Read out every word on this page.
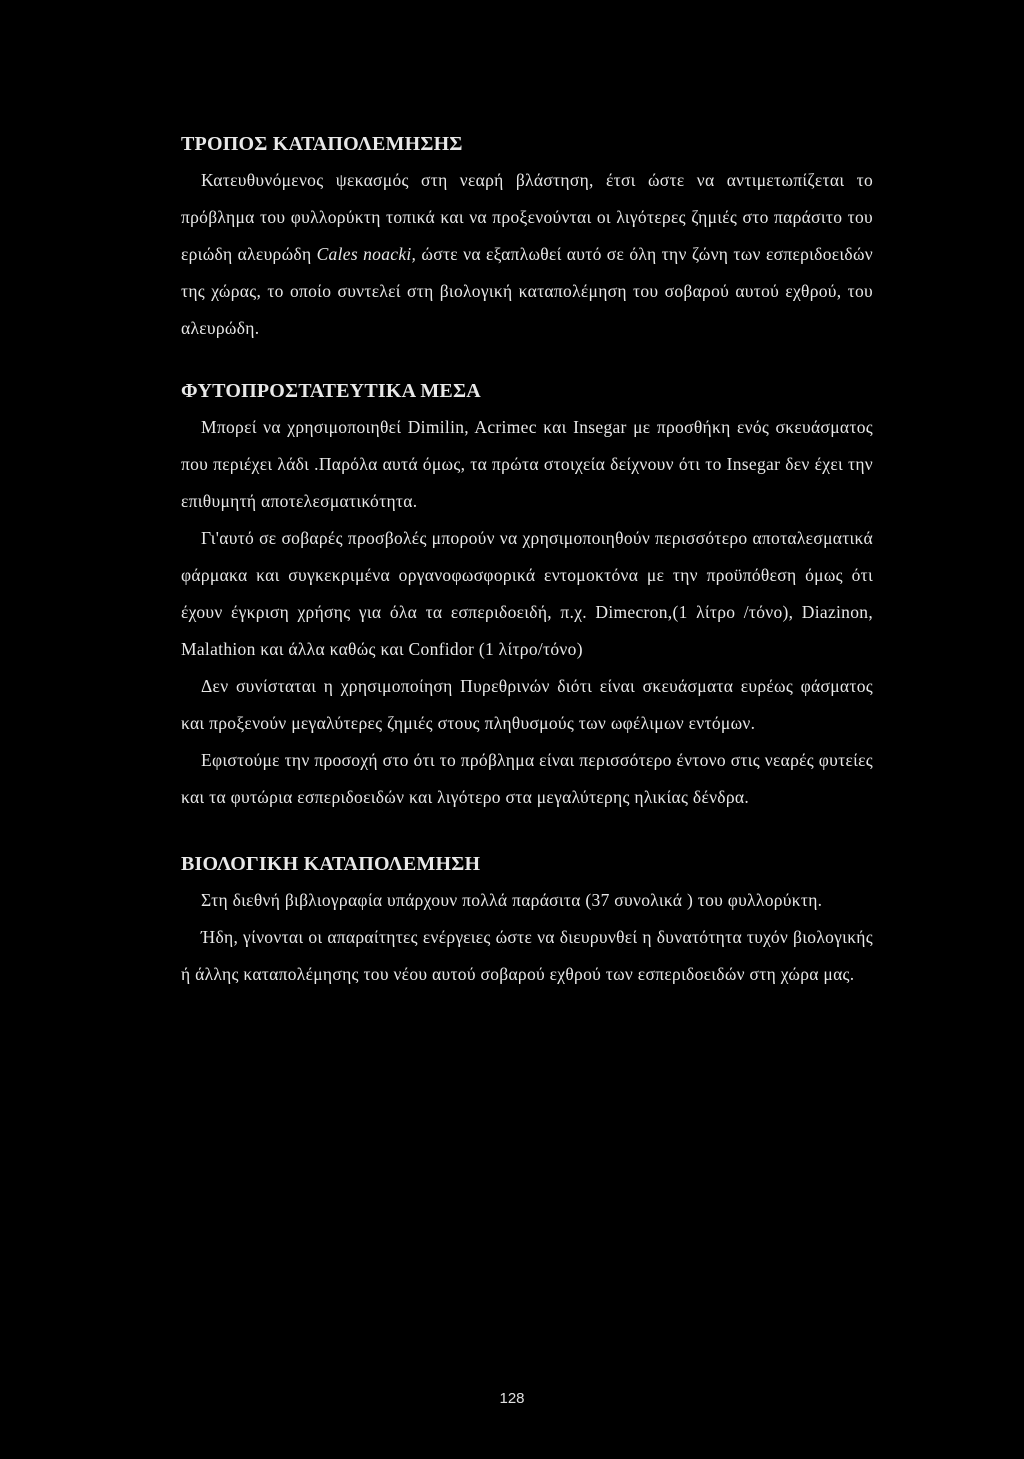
ΤΡΟΠΟΣ ΚΑΤΑΠΟΛΕΜΗΣΗΣ

Κατευθυνόμενος ψεκασμός στη νεαρή βλάστηση, έτσι ώστε να αντιμετωπίζεται το πρόβλημα του φυλλορύκτη τοπικά και να προξενούνται οι λιγότερες ζημιές στο παράσιτο του εριώδη αλευρώδη Cales noacki, ώστε να εξαπλωθεί αυτό σε όλη την ζώνη των εσπεριδοειδών της χώρας, το οποίο συντελεί στη βιολογική καταπολέμηση του σοβαρού αυτού εχθρού, του αλευρώδη.

ΦΥΤΟΠΡΟΣΤΑΤΕΥΤΙΚΑ ΜΕΣΑ

Μπορεί να χρησιμοποιηθεί Dimilin, Acrimec και Insegar με προσθήκη ενός σκευάσματος που περιέχει λάδι .Παρόλα αυτά όμως, τα πρώτα στοιχεία δείχνουν ότι το Insegar δεν έχει την επιθυμητή αποτελεσματικότητα.

Γι'αυτό σε σοβαρές προσβολές μπορούν να χρησιμοποιηθούν περισσότερο αποταλεσματικά φάρμακα και συγκεκριμένα οργανοφωσφορικά εντομοκτόνα με την προϋπόθεση όμως ότι έχουν έγκριση χρήσης για όλα τα εσπεριδοειδή, π.χ. Dimecron,(1 λίτρο /τόνο), Diazinon, Malathion και άλλα καθώς και Confidor (1 λίτρο/τόνο)

Δεν συνίσταται η χρησιμοποίηση Πυρεθρινών διότι είναι σκευάσματα ευρέως φάσματος και προξενούν μεγαλύτερες ζημιές στους πληθυσμούς των ωφέλιμων εντόμων.

Εφιστούμε την προσοχή στο ότι το πρόβλημα είναι περισσότερο έντονο στις νεαρές φυτείες και τα φυτώρια εσπεριδοειδών και λιγότερο στα μεγαλύτερης ηλικίας δένδρα.

ΒΙΟΛΟΓΙΚΗ ΚΑΤΑΠΟΛΕΜΗΣΗ

Στη διεθνή βιβλιογραφία υπάρχουν πολλά παράσιτα (37 συνολικά ) του φυλλορύκτη.

Ήδη, γίνονται οι απαραίτητες ενέργειες ώστε να διευρυνθεί η δυνατότητα τυχόν βιολογικής ή άλλης καταπολέμησης του νέου αυτού σοβαρού εχθρού των εσπεριδοειδών στη χώρα μας.

128
